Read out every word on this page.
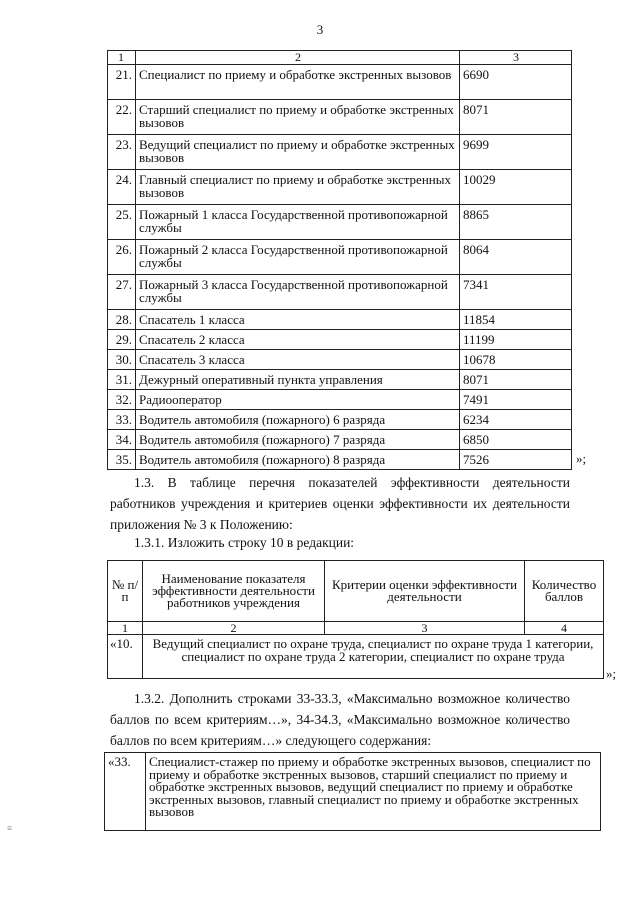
3
1	2	3
21.	Специалист по приему и обработке экстренных вызовов	6690
22.	Старший специалист по приему и обработке экстренных вызовов	8071
23.	Ведущий специалист по приему и обработке экстренных вызовов	9699
24.	Главный специалист по приему и обработке экстренных вызовов	10029
25.	Пожарный 1 класса Государственной противопожарной службы	8865
26.	Пожарный 2 класса Государственной противопожарной службы	8064
27.	Пожарный 3 класса Государственной противопожарной службы	7341
28.	Спасатель 1 класса	11854
29.	Спасатель 2 класса	11199
30.	Спасатель 3 класса	10678
31.	Дежурный оперативный пункта управления	8071
32.	Радиооператор	7491
33.	Водитель автомобиля (пожарного) 6 разряда	6234
34.	Водитель автомобиля (пожарного) 7 разряда	6850
35.	Водитель автомобиля (пожарного) 8 разряда	7526	»;
1.3. В таблице перечня показателей эффективности деятельности работников учреждения и критериев оценки эффективности их деятельности приложения № 3 к Положению:
1.3.1. Изложить строку 10 в редакции:
№ п/п	Наименование показателя эффективности деятельности работников учреждения	Критерии оценки эффективности деятельности	Количество баллов
1	2	3	4
«10.	Ведущий специалист по охране труда, специалист по охране труда 1 категории, специалист по охране труда 2 категории, специалист по охране труда		
»;
1.3.2. Дополнить строками 33-33.3, «Максимально возможное количество баллов по всем критериям…», 34-34.3, «Максимально возможное количество баллов по всем критериям…» следующего содержания:
«33.	Специалист-стажер по приему и обработке экстренных вызовов, специалист по приему и обработке экстренных вызовов, старший специалист по приему и обработке экстренных вызовов, ведущий специалист по приему и обработке экстренных вызовов, главный специалист по приему и обработке экстренных вызовов
≡
